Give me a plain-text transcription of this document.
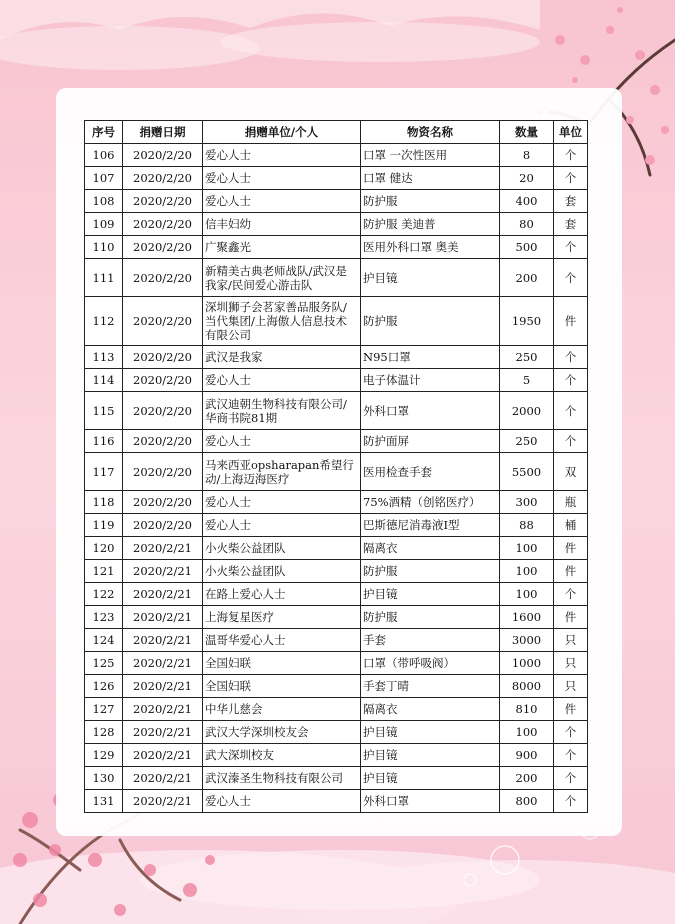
序号	捐赠日期	捐赠单位/个人	物资名称	数量	单位
106	2020/2/20	爱心人士	口罩 一次性医用	8	个
107	2020/2/20	爱心人士	口罩 健达	20	个
108	2020/2/20	爱心人士	防护服	400	套
109	2020/2/20	信丰妇幼	防护服 美迪普	80	套
110	2020/2/20	广聚鑫光	医用外科口罩 奥美	500	个
111	2020/2/20	新精美古典老师战队/武汉是我家/民间爱心游击队	护目镜	200	个
112	2020/2/20	深圳狮子会茗家善品服务队/当代集团/上海傲人信息技术有限公司	防护服	1950	件
113	2020/2/20	武汉是我家	N95口罩	250	个
114	2020/2/20	爱心人士	电子体温计	5	个
115	2020/2/20	武汉迪朝生物科技有限公司/华商书院81期	外科口罩	2000	个
116	2020/2/20	爱心人士	防护面屏	250	个
117	2020/2/20	马来西亚opsharapan希望行动/上海迈海医疗	医用检查手套	5500	双
118	2020/2/20	爱心人士	75%酒精（创铭医疗）	300	瓶
119	2020/2/20	爱心人士	巴斯德尼消毒液Ⅰ型	88	桶
120	2020/2/21	小火柴公益团队	隔离衣	100	件
121	2020/2/21	小火柴公益团队	防护服	100	件
122	2020/2/21	在路上爱心人士	护目镜	100	个
123	2020/2/21	上海复星医疗	防护服	1600	件
124	2020/2/21	温哥华爱心人士	手套	3000	只
125	2020/2/21	全国妇联	口罩（带呼吸阀）	1000	只
126	2020/2/21	全国妇联	手套丁晴	8000	只
127	2020/2/21	中华儿慈会	隔离衣	810	件
128	2020/2/21	武汉大学深圳校友会	护目镜	100	个
129	2020/2/21	武大深圳校友	护目镜	900	个
130	2020/2/21	武汉溱圣生物科技有限公司	护目镜	200	个
131	2020/2/21	爱心人士	外科口罩	800	个
